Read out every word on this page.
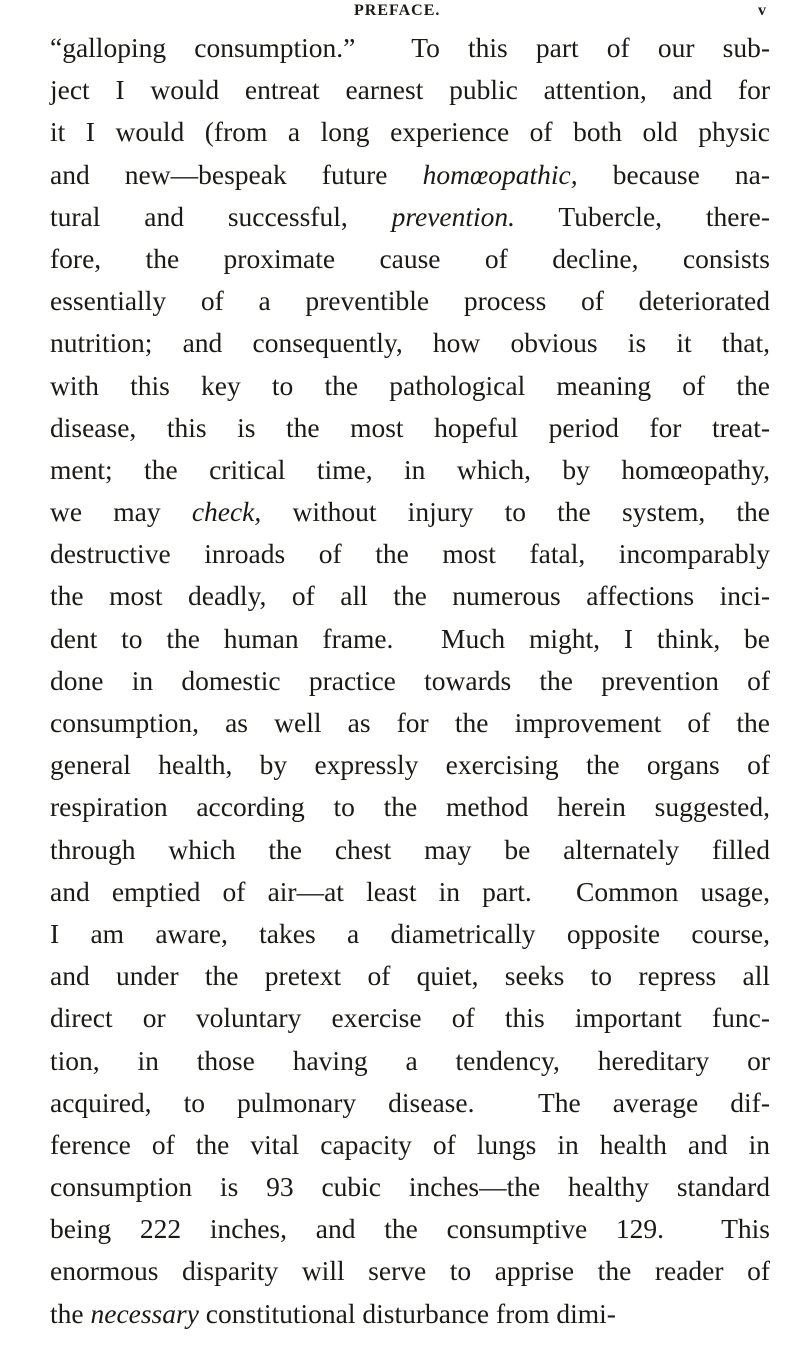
PREFACE.	v
“galloping consumption.”  To this part of our sub-
ject I would entreat earnest public attention, and for
it I would (from a long experience of both old physic
and new—bespeak future homœopathic, because na-
tural and successful, prevention. Tubercle, there-
fore, the proximate cause of decline, consists
essentially of a preventible process of deteriorated
nutrition; and consequently, how obvious is it that,
with this key to the pathological meaning of the
disease, this is the most hopeful period for treat-
ment; the critical time, in which, by homœopathy,
we may check, without injury to the system, the
destructive inroads of the most fatal, incomparably
the most deadly, of all the numerous affections inci-
dent to the human frame.  Much might, I think, be
done in domestic practice towards the prevention of
consumption, as well as for the improvement of the
general health, by expressly exercising the organs of
respiration according to the method herein suggested,
through which the chest may be alternately filled
and emptied of air—at least in part.  Common usage,
I am aware, takes a diametrically opposite course,
and under the pretext of quiet, seeks to repress all
direct or voluntary exercise of this important func-
tion, in those having a tendency, hereditary or
acquired, to pulmonary disease.  The average dif-
ference of the vital capacity of lungs in health and in
consumption is 93 cubic inches—the healthy standard
being 222 inches, and the consumptive 129.  This
enormous disparity will serve to apprise the reader of
the necessary constitutional disturbance from dimi-
